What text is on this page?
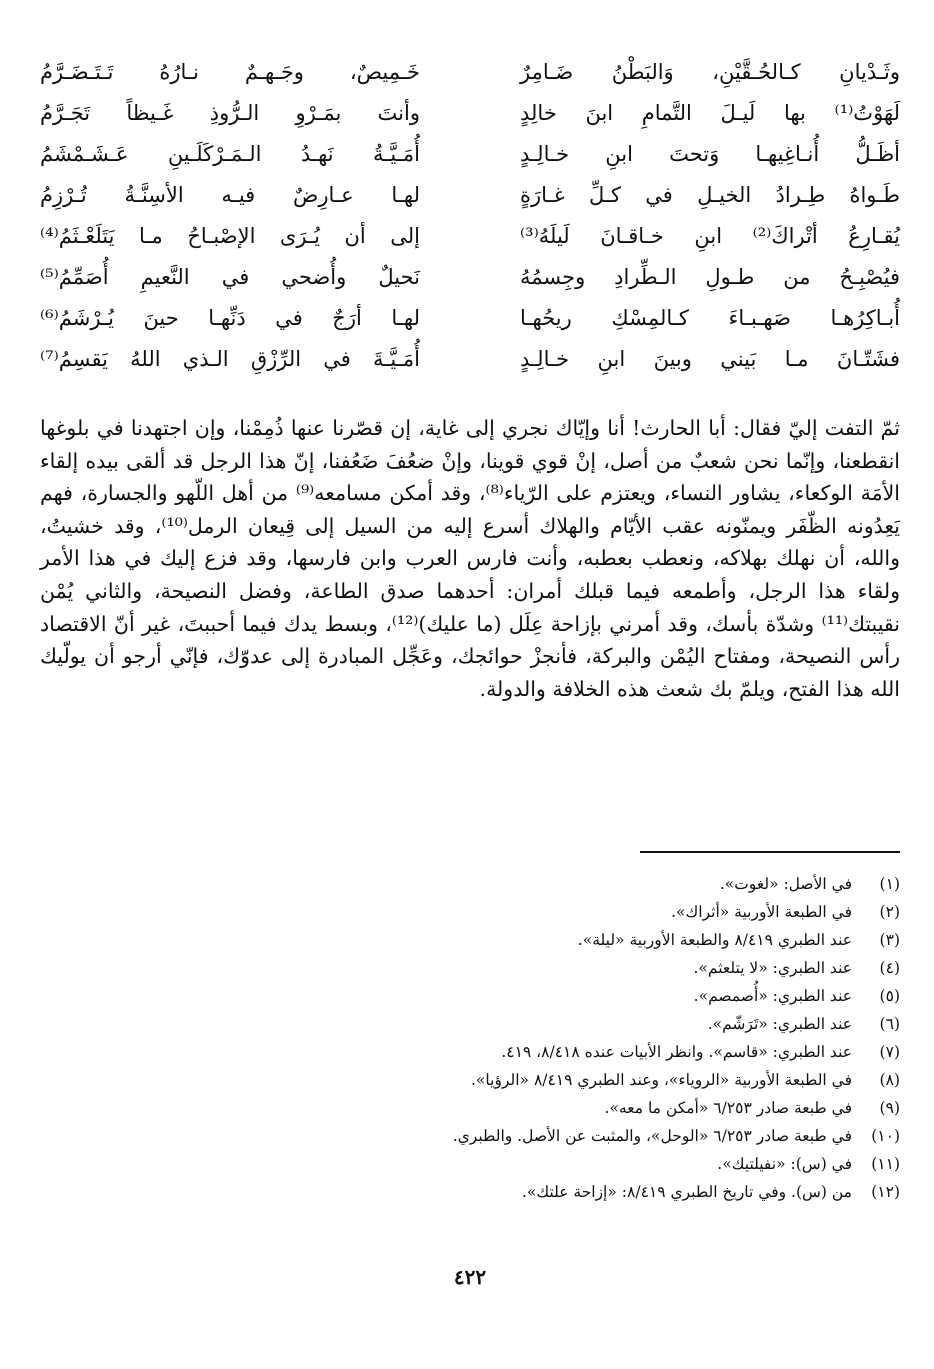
وثَـدْيانِ كـالحُـقَّيْنِ، وَالبَطْنُ ضَـامِرٌ
خَـمِيصٌ، وجَـهـمٌ نـارُهُ تَـتَـضَـرَّمُ
لَهَوْتُ⁽¹⁾ بها لَيـلَ التَّمامِ ابنَ خالِدٍ
وأنتَ بمَـرْوِ الـرُّوذِ غَـيظاً تَجَـرَّمُ
أظَـلُّ أُنـاغِيهـا وَتحتَ ابنِ خـالِـدٍ
أُمَـيَّـةُ نَهـدُ الـمَـرْكَلَـينِ عَـشَـمْشَمُ
طَـواهُ طِـرادُ الخيـلِ في كـلِّ غـارَةٍ
لهـا عـارِضٌ فيـه الأسِنَّـةُ تُـرْزِمُ
يُقـارِعُ أتْراكَ⁽²⁾ ابنِ خـاقـانَ لَيلَهُ⁽³⁾
إلى أن يُـرَى الإصْبـاحُ مـا يَتَلَعْـثَمُ⁽⁴⁾
فيُصْبِـحُ من طـولِ الـطِّرادِ وجِسمُهُ
نَحيلٌ وأُضحي في النَّعيمِ أُصَمِّمُ⁽⁵⁾
أُبـاكِرُهـا صَهـبـاءَ كـالمِسْكِ ريحُهـا
لهـا أرَجٌ في دَنِّهـا حينَ يُـرْشَمُ⁽⁶⁾
فشَتّـانَ مـا بَيني وبينَ ابنِ خـالِـدٍ
أُمَـيَّـةَ في الرِّزْقِ الـذي اللهُ يَقسِمُ⁽⁷⁾

ثمّ التفت إليّ فقال: أبا الحارث! أنا وإيّاك نجري إلى غاية، إن قصّرنا عنها ذُمِمْنا، وإن اجتهدنا في بلوغها انقطعنا، وإنّما نحن شعبٌ من أصل، إنْ قوي قوينا، وإنْ ضعُفَ ضَعُفنا، إنّ هذا الرجل قد ألقى بيده إلقاء الأمَة الوكعاء، يشاور النساء، ويعتزم على الرّياء⁽⁸⁾، وقد أمكن مسامعه⁽⁹⁾ من أهل اللّهو والجسارة، فهم يَعِدُونه الظّفَر ويمنّونه عقب الأيّام والهلاك أسرع إليه من السيل إلى قِيعان الرمل⁽¹⁰⁾، وقد خشيتُ، والله، أن نهلك بهلاكه، ونعطب بعطبه، وأنت فارس العرب وابن فارسها، وقد فزع إليك في هذا الأمر ولقاء هذا الرجل، وأطمعه فيما قبلك أمران: أحدهما صدق الطاعة، وفضل النصيحة، والثاني يُمْن نقيبتك⁽¹¹⁾ وشدّة بأسك، وقد أمرني بإزاحة عِلَل (ما عليك)⁽¹²⁾، وبسط يدك فيما أحببتَ، غير أنّ الاقتصاد رأس النصيحة، ومفتاح اليُمْن والبركة، فأنجزْ حوائجك، وعَجِّل المبادرة إلى عدوّك، فإنّي أرجو أن يولّيك الله هذا الفتح، ويلمّ بك شعث هذه الخلافة والدولة.

(١)في الأصل: «لغوت».
(٢)في الطبعة الأوربية «أثراك».
(٣)عند الطبري ٨/٤١٩ والطبعة الأوربية «ليلة».
(٤)عند الطبري: «لا يتلعثم».
(٥)عند الطبري: «أُصمصم».
(٦)عند الطبري: «تَرَشّم».
(٧)عند الطبري: «قاسم». وانظر الأبيات عنده ٨/٤١٨، ٤١٩.
(٨)في الطبعة الأوربية «الروياء»، وعند الطبري ٨/٤١٩ «الرؤيا».
(٩)في طبعة صادر ٦/٢٥٣ «أمكن ما معه».
(١٠)في طبعة صادر ٦/٢٥٣ «الوحل»، والمثبت عن الأصل. والطبري.
(١١)في (س): «نفيلتيك».
(١٢)من (س). وفي تاريخ الطبري ٨/٤١٩: «إزاحة علتك».
٤٢٢
